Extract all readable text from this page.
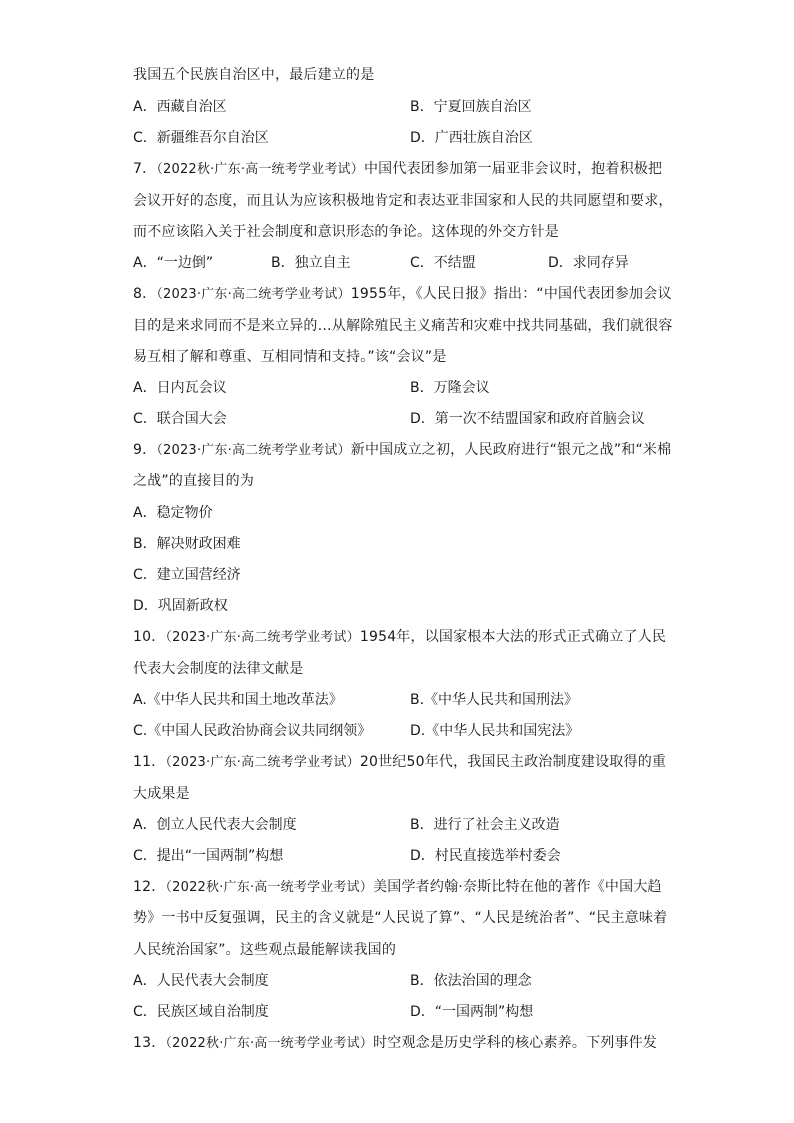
我国五个民族自治区中，最后建立的是
A．西藏自治区	B．宁夏回族自治区
C．新疆维吾尔自治区	D．广西壮族自治区
7．（2022秋·广东·高一统考学业考试）中国代表团参加第一届亚非会议时，抱着积极把
会议开好的态度，而且认为应该积极地肯定和表达亚非国家和人民的共同愿望和要求，
而不应该陷入关于社会制度和意识形态的争论。这体现的外交方针是
A．“一边倒”	B．独立自主	C．不结盟	D．求同存异
8．（2023·广东·高二统考学业考试）1955年，《人民日报》指出：“中国代表团参加会议
目的是来求同而不是来立异的…从解除殖民主义痛苦和灾难中找共同基础，我们就很容
易互相了解和尊重、互相同情和支持。”该“会议”是
A．日内瓦会议	B．万隆会议
C．联合国大会	D．第一次不结盟国家和政府首脑会议
9．（2023·广东·高二统考学业考试）新中国成立之初，人民政府进行“银元之战”和“米棉
之战”的直接目的为
A．稳定物价
B．解决财政困难
C．建立国营经济
D．巩固新政权
10．（2023·广东·高二统考学业考试）1954年，以国家根本大法的形式正式确立了人民
代表大会制度的法律文献是
A.《中华人民共和国土地改革法》	B.《中华人民共和国刑法》
C.《中国人民政治协商会议共同纲领》	D.《中华人民共和国宪法》
11．（2023·广东·高二统考学业考试）20世纪50年代，我国民主政治制度建设取得的重
大成果是
A．创立人民代表大会制度	B．进行了社会主义改造
C．提出“一国两制”构想	D．村民直接选举村委会
12．（2022秋·广东·高一统考学业考试）美国学者约翰·奈斯比特在他的著作《中国大趋
势》一书中反复强调，民主的含义就是“人民说了算”、“人民是统治者”、“民主意味着
人民统治国家”。这些观点最能解读我国的
A．人民代表大会制度	B．依法治国的理念
C．民族区域自治制度	D．“一国两制”构想
13．（2022秋·广东·高一统考学业考试）时空观念是历史学科的核心素养。下列事件发
